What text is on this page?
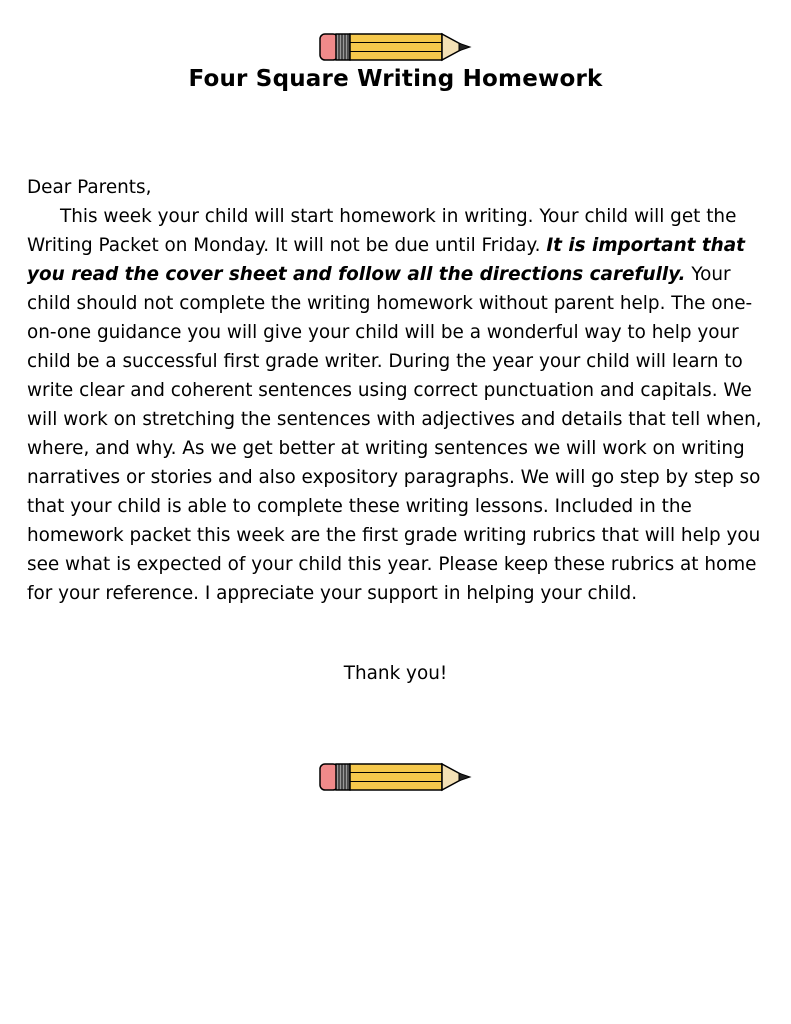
Four Square Writing Homework

Dear Parents,

This week your child will start homework in writing. Your child will get the Writing Packet on Monday. It will not be due until Friday. It is important that you read the cover sheet and follow all the directions carefully. Your child should not complete the writing homework without parent help. The one-on-one guidance you will give your child will be a wonderful way to help your child be a successful first grade writer. During the year your child will learn to write clear and coherent sentences using correct punctuation and capitals. We will work on stretching the sentences with adjectives and details that tell when, where, and why. As we get better at writing sentences we will work on writing narratives or stories and also expository paragraphs. We will go step by step so that your child is able to complete these writing lessons. Included in the homework packet this week are the first grade writing rubrics that will help you see what is expected of your child this year. Please keep these rubrics at home for your reference. I appreciate your support in helping your child.

Thank you!
